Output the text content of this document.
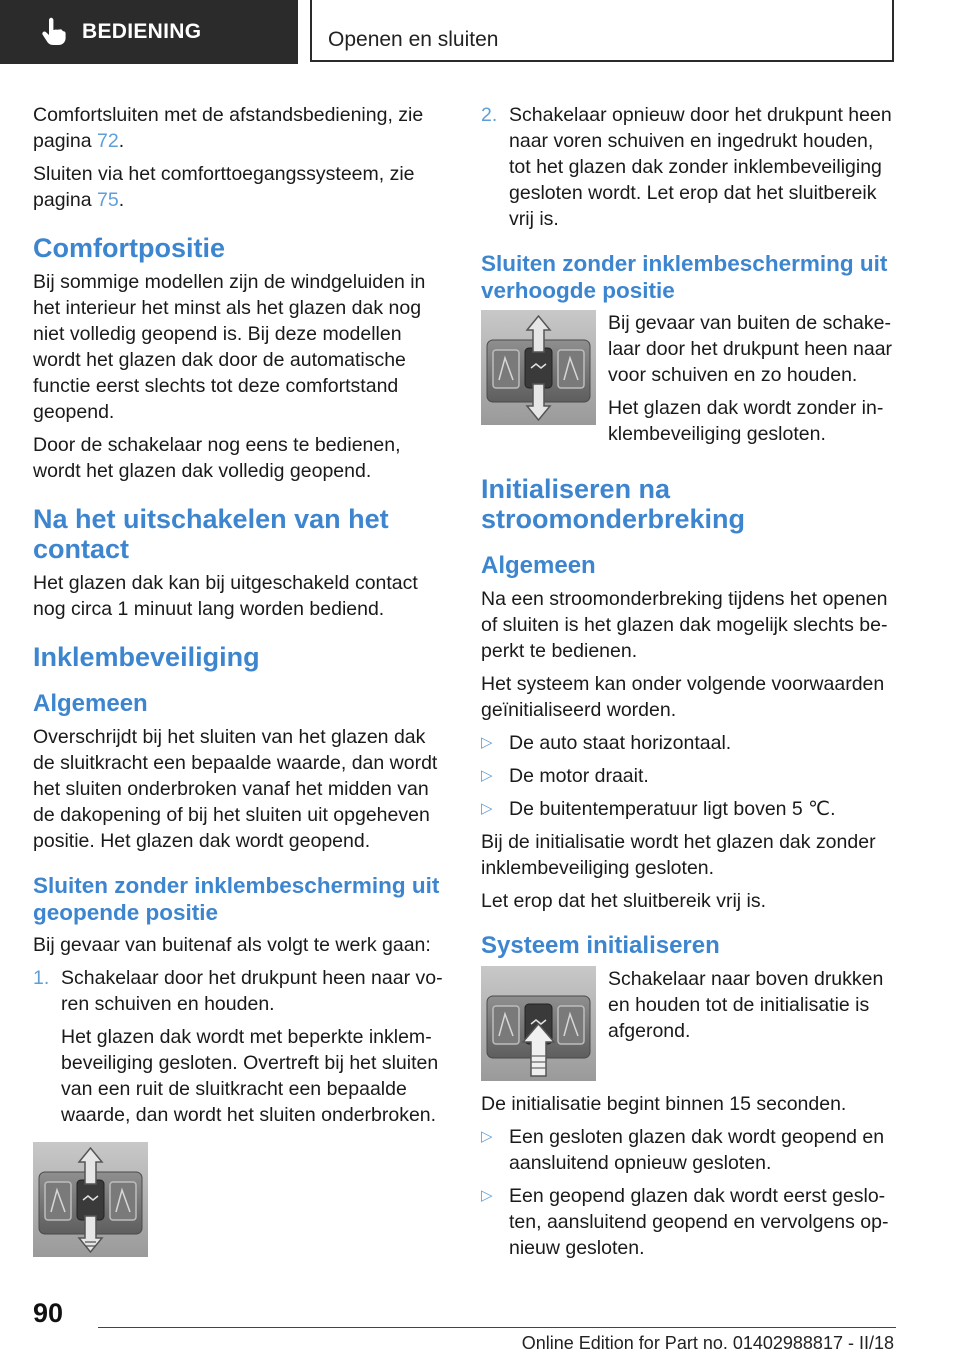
BEDIENING	Openen en sluiten

Comfortsluiten met de afstandsbediening, zie pagina 72.

Sluiten via het comforttoegangssysteem, zie pagina 75.

Comfortpositie

Bij sommige modellen zijn de windgeluiden in het interieur het minst als het glazen dak nog niet volledig geopend is. Bij deze modellen wordt het glazen dak door de automatische functie eerst slechts tot deze comfortstand geopend.

Door de schakelaar nog eens te bedienen, wordt het glazen dak volledig geopend.

Na het uitschakelen van het contact

Het glazen dak kan bij uitgeschakeld contact nog circa 1 minuut lang worden bediend.

Inklembeveiliging
Algemeen

Overschrijdt bij het sluiten van het glazen dak de sluitkracht een bepaalde waarde, dan wordt het sluiten onderbroken vanaf het midden van de dakopening of bij het sluiten uit opgeheven positie. Het glazen dak wordt geopend.

Sluiten zonder inklembescherming uit geopende positie

Bij gevaar van buitenaf als volgt te werk gaan:

1. Schakelaar door het drukpunt heen naar voren schuiven en houden.

Het glazen dak wordt met beperkte inklembeveiliging gesloten. Overtreft bij het sluiten van een ruit de sluitkracht een bepaalde waarde, dan wordt het sluiten onderbroken.

2. Schakelaar opnieuw door het drukpunt heen naar voren schuiven en ingedrukt houden, tot het glazen dak zonder inklembeveiliging gesloten wordt. Let erop dat het sluitbereik vrij is.
Sluiten zonder inklembescherming uit verhoogde positie

Bij gevaar van buiten de schakelaar door het drukpunt heen naar voor schuiven en zo houden.

Het glazen dak wordt zonder inklembeveiliging gesloten.

Initialiseren na stroomonderbreking
Algemeen

Na een stroomonderbreking tijdens het openen of sluiten is het glazen dak mogelijk slechts beperkt te bedienen.

Het systeem kan onder volgende voorwaarden geïnitialiseerd worden.

▷ De auto staat horizontaal.
▷ De motor draait.
▷ De buitentemperatuur ligt boven 5 ℃.

Bij de initialisatie wordt het glazen dak zonder inklembeveiliging gesloten.

Let erop dat het sluitbereik vrij is.

Systeem initialiseren

Schakelaar naar boven drukken en houden tot de initialisatie is afgerond.

De initialisatie begint binnen 15 seconden.

▷ Een gesloten glazen dak wordt geopend en aansluitend opnieuw gesloten.
▷ Een geopend glazen dak wordt eerst gesloten, aansluitend geopend en vervolgens opnieuw gesloten.
90
Online Edition for Part no. 01402988817 - II/18
